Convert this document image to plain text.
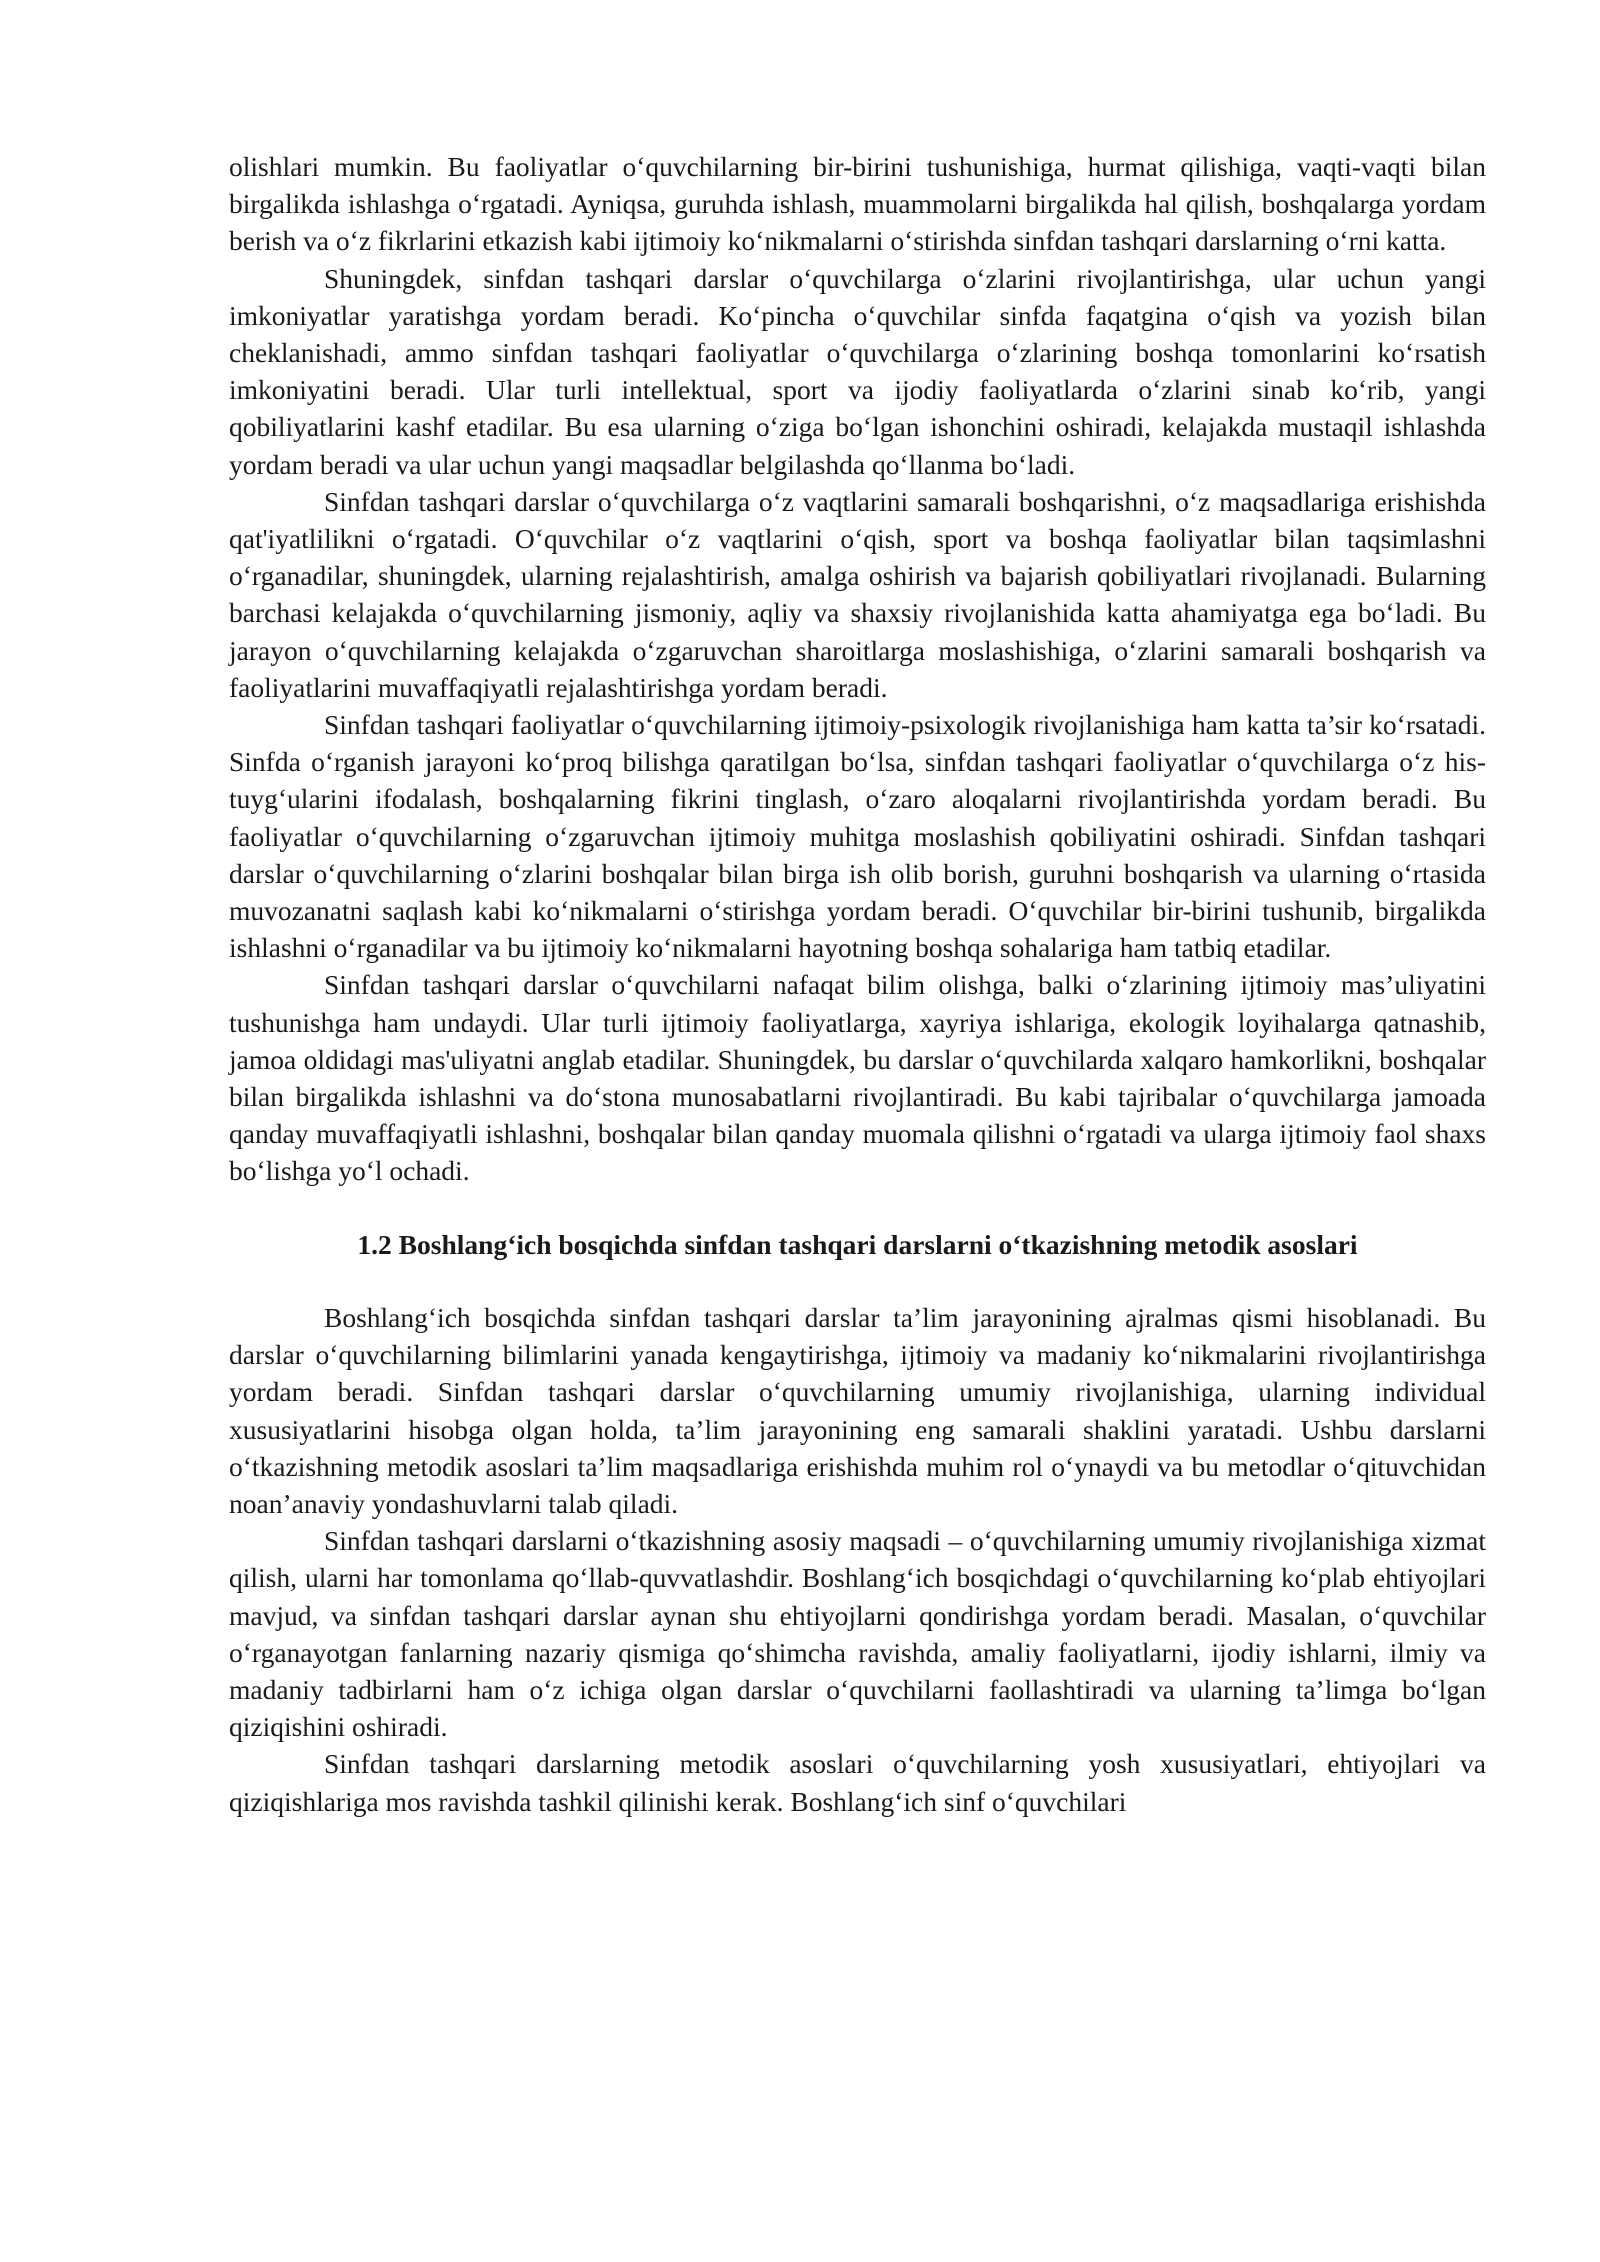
olishlari mumkin. Bu faoliyatlar o‘quvchilarning bir-birini tushunishiga, hurmat qilishiga, vaqti-vaqti bilan birgalikda ishlashga o‘rgatadi. Ayniqsa, guruhda ishlash, muammolarni birgalikda hal qilish, boshqalarga yordam berish va o‘z fikrlarini etkazish kabi ijtimoiy ko‘nikmalarni o‘stirishda sinfdan tashqari darslarning o‘rni katta.

Shuningdek, sinfdan tashqari darslar o‘quvchilarga o‘zlarini rivojlantirishga, ular uchun yangi imkoniyatlar yaratishga yordam beradi. Ko‘pincha o‘quvchilar sinfda faqatgina o‘qish va yozish bilan cheklanishadi, ammo sinfdan tashqari faoliyatlar o‘quvchilarga o‘zlarining boshqa tomonlarini ko‘rsatish imkoniyatini beradi. Ular turli intellektual, sport va ijodiy faoliyatlarda o‘zlarini sinab ko‘rib, yangi qobiliyatlarini kashf etadilar. Bu esa ularning o‘ziga bo‘lgan ishonchini oshiradi, kelajakda mustaqil ishlashda yordam beradi va ular uchun yangi maqsadlar belgilashda qo‘llanma bo‘ladi.

Sinfdan tashqari darslar o‘quvchilarga o‘z vaqtlarini samarali boshqarishni, o‘z maqsadlariga erishishda qat'iyatlilikni o‘rgatadi. O‘quvchilar o‘z vaqtlarini o‘qish, sport va boshqa faoliyatlar bilan taqsimlashni o‘rganadilar, shuningdek, ularning rejalashtirish, amalga oshirish va bajarish qobiliyatlari rivojlanadi. Bularning barchasi kelajakda o‘quvchilarning jismoniy, aqliy va shaxsiy rivojlanishida katta ahamiyatga ega bo‘ladi. Bu jarayon o‘quvchilarning kelajakda o‘zgaruvchan sharoitlarga moslashishiga, o‘zlarini samarali boshqarish va faoliyatlarini muvaffaqiyatli rejalashtirishga yordam beradi.

Sinfdan tashqari faoliyatlar o‘quvchilarning ijtimoiy-psixologik rivojlanishiga ham katta ta’sir ko‘rsatadi. Sinfda o‘rganish jarayoni ko‘proq bilishga qaratilgan bo‘lsa, sinfdan tashqari faoliyatlar o‘quvchilarga o‘z his-tuyg‘ularini ifodalash, boshqalarning fikrini tinglash, o‘zaro aloqalarni rivojlantirishda yordam beradi. Bu faoliyatlar o‘quvchilarning o‘zgaruvchan ijtimoiy muhitga moslashish qobiliyatini oshiradi. Sinfdan tashqari darslar o‘quvchilarning o‘zlarini boshqalar bilan birga ish olib borish, guruhni boshqarish va ularning o‘rtasida muvozanatni saqlash kabi ko‘nikmalarni o‘stirishga yordam beradi. O‘quvchilar bir-birini tushunib, birgalikda ishlashni o‘rganadilar va bu ijtimoiy ko‘nikmalarni hayotning boshqa sohalariga ham tatbiq etadilar.

Sinfdan tashqari darslar o‘quvchilarni nafaqat bilim olishga, balki o‘zlarining ijtimoiy mas’uliyatini tushunishga ham undaydi. Ular turli ijtimoiy faoliyatlarga, xayriya ishlariga, ekologik loyihalarga qatnashib, jamoa oldidagi mas'uliyatni anglab etadilar. Shuningdek, bu darslar o‘quvchilarda xalqaro hamkorlikni, boshqalar bilan birgalikda ishlashni va do‘stona munosabatlarni rivojlantiradi. Bu kabi tajribalar o‘quvchilarga jamoada qanday muvaffaqiyatli ishlashni, boshqalar bilan qanday muomala qilishni o‘rgatadi va ularga ijtimoiy faol shaxs bo‘lishga yo‘l ochadi.

1.2 Boshlang‘ich bosqichda sinfdan tashqari darslarni o‘tkazishning metodik asoslari

Boshlang‘ich bosqichda sinfdan tashqari darslar ta’lim jarayonining ajralmas qismi hisoblanadi. Bu darslar o‘quvchilarning bilimlarini yanada kengaytirishga, ijtimoiy va madaniy ko‘nikmalarini rivojlantirishga yordam beradi. Sinfdan tashqari darslar o‘quvchilarning umumiy rivojlanishiga, ularning individual xususiyatlarini hisobga olgan holda, ta’lim jarayonining eng samarali shaklini yaratadi. Ushbu darslarni o‘tkazishning metodik asoslari ta’lim maqsadlariga erishishda muhim rol o‘ynaydi va bu metodlar o‘qituvchidan noan’anaviy yondashuvlarni talab qiladi.

Sinfdan tashqari darslarni o‘tkazishning asosiy maqsadi – o‘quvchilarning umumiy rivojlanishiga xizmat qilish, ularni har tomonlama qo‘llab-quvvatlashdir. Boshlang‘ich bosqichdagi o‘quvchilarning ko‘plab ehtiyojlari mavjud, va sinfdan tashqari darslar aynan shu ehtiyojlarni qondirishga yordam beradi. Masalan, o‘quvchilar o‘rganayotgan fanlarning nazariy qismiga qo‘shimcha ravishda, amaliy faoliyatlarni, ijodiy ishlarni, ilmiy va madaniy tadbirlarni ham o‘z ichiga olgan darslar o‘quvchilarni faollashtiradi va ularning ta’limga bo‘lgan qiziqishini oshiradi.

Sinfdan tashqari darslarning metodik asoslari o‘quvchilarning yosh xususiyatlari, ehtiyojlari va qiziqishlariga mos ravishda tashkil qilinishi kerak. Boshlang‘ich sinf o‘quvchilari
